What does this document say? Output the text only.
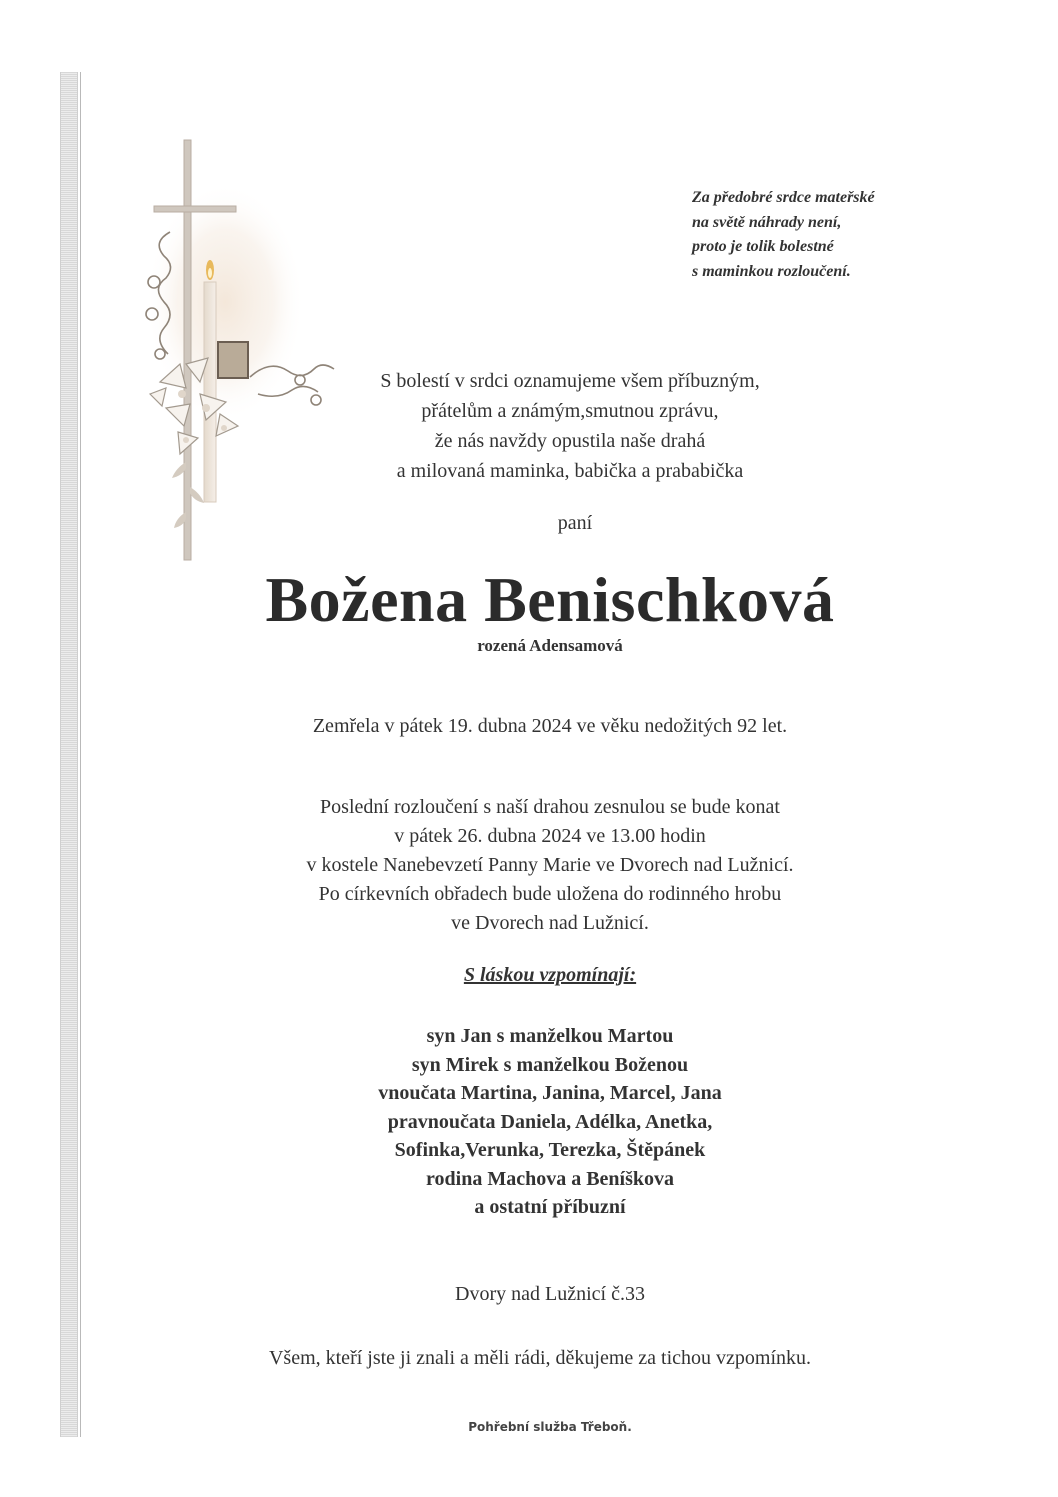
Za předobré srdce mateřské
na světě náhrady není,
proto je tolik bolestné
s maminkou rozloučení.
S bolestí v srdci oznamujeme všem příbuzným,
přátelům a známým,smutnou zprávu,
že nás navždy opustila naše drahá
a milovaná maminka, babička a prababička
paní
Božena Benischková
rozená Adensamová
Zemřela v pátek 19. dubna 2024 ve věku nedožitých 92 let.
Poslední rozloučení s naší drahou zesnulou se bude konat
v pátek 26. dubna 2024 ve 13.00 hodin
v kostele Nanebevzetí Panny Marie ve Dvorech nad Lužnicí.
Po církevních obřadech bude uložena do rodinného hrobu
ve Dvorech nad Lužnicí.
S láskou vzpomínají:
syn Jan s manželkou Martou
syn Mirek s manželkou Boženou
vnoučata Martina, Janina, Marcel, Jana
pravnoučata Daniela, Adélka, Anetka,
Sofinka,Verunka, Terezka, Štěpánek
rodina Machova a Beníškova
a ostatní příbuzní
Dvory nad Lužnicí č.33
Všem, kteří jste ji znali a měli rádi, děkujeme za tichou vzpomínku.
Pohřební služba Třeboň.
